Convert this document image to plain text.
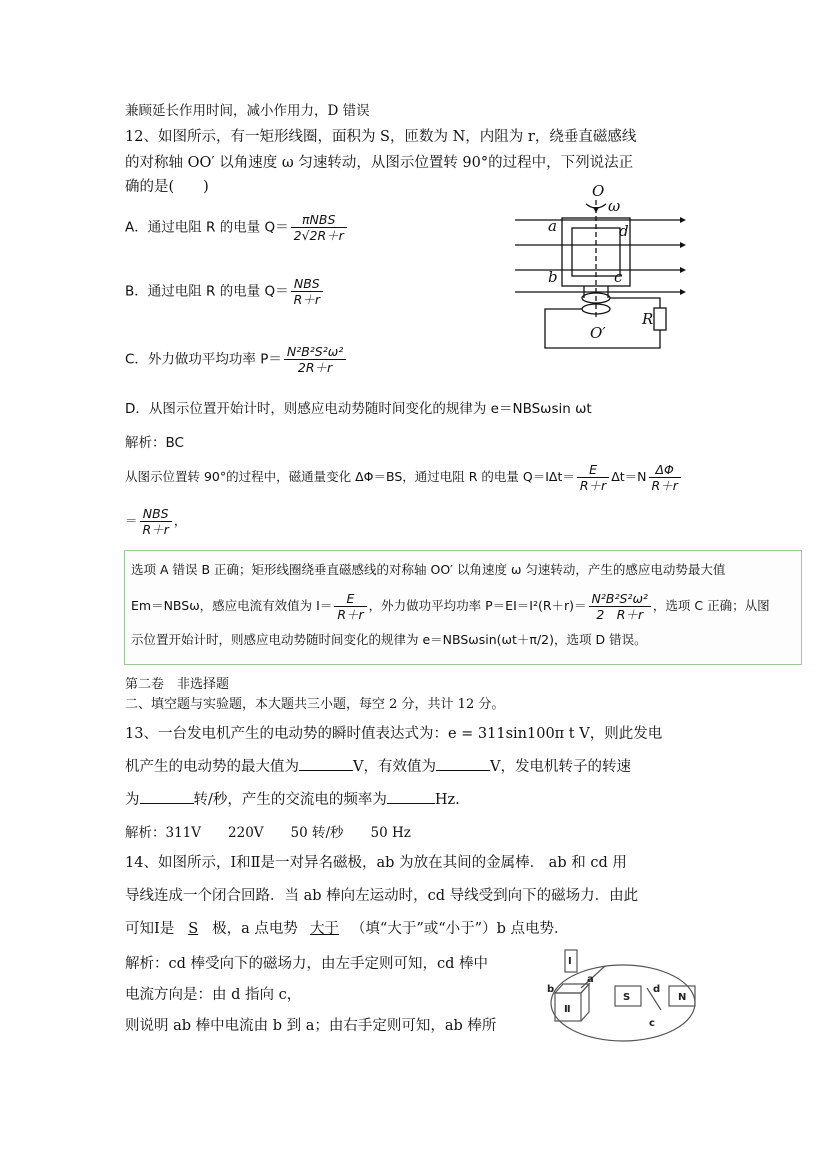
兼顾延长作用时间，减小作用力，D 错误
12、如图所示，有一矩形线圈，面积为 S，匝数为 N，内阻为 r，绕垂直磁感线
的对称轴 OO′ 以角速度 ω 匀速转动，从图示位置转 90°的过程中，下列说法正
确的是(　　)
A．通过电阻 R 的电量 $Q= \frac{\text{πNBS}}{2√2R+r}$
B．通过电阻 R 的电量 $Q= \frac{\text{NBS}}{R+r}$
C．外力做功平均功率 $P= \frac{\text{N²B²S²ω²}}{2R+r}$
D．从图示位置开始计时，则感应电动势随时间变化的规律为 e＝NBSωsin ωt
解析：BC
从图示位置转 90°的过程中，磁通量变化 ΔΦ＝BS，通过电阻 R 的电量 $Q=I\Delta t= \frac{E}{R+r} \Delta t=N \frac{\Delta\Phi}{R+r}$
＝ $\frac{\text{NBS}}{R+r}$ ，
选项 A 错误 B 正确；矩形线圈绕垂直磁感线的对称轴 OO′ 以角速度 ω 匀速转动，产生的感应电动势最大值
Em＝NBSω，感应电流有效值为 $I= \frac{E}{R+r}$ ，外力做功平均功率 $P=EI=I^2(R+r)= \frac{\text{N²B²S²ω²}}{2 R+r}$ ，选项 C 正确；从图
示位置开始计时，则感应电动势随时间变化的规律为 e＝NBSωsin(ωt＋π/2)，选项 D 错误。
O
ω
a	d
b	c
O′
R
第二卷　非选择题
二、填空题与实验题，本大题共三小题，每空 2 分，共计 12 分。
13、一台发电机产生的电动势的瞬时值表达式为：e = 311sin100π t V，则此发电
机产生的电动势的最大值为	V，有效值为	V，发电机转子的转速
为	转/秒，产生的交流电的频率为	Hz.
解析：311V　　220V　　50 转/秒　　50 Hz
14、如图所示，Ⅰ和Ⅱ是一对异名磁极，ab 为放在其间的金属棒． ab 和 cd 用
导线连成一个闭合回路．当 ab 棒向左运动时，cd 导线受到向下的磁场力．由此
可知Ⅰ是 S 极，a 点电势 大于 （填“大于”或“小于”）b 点电势．
解析：cd 棒受向下的磁场力，由左手定则可知，cd 棒中
电流方向是：由 d 指向 c，
则说明 ab 棒中电流由 b 到 a；由右手定则可知，ab 棒所
Ⅰ
Ⅱ
a
b
c
d
S	N
